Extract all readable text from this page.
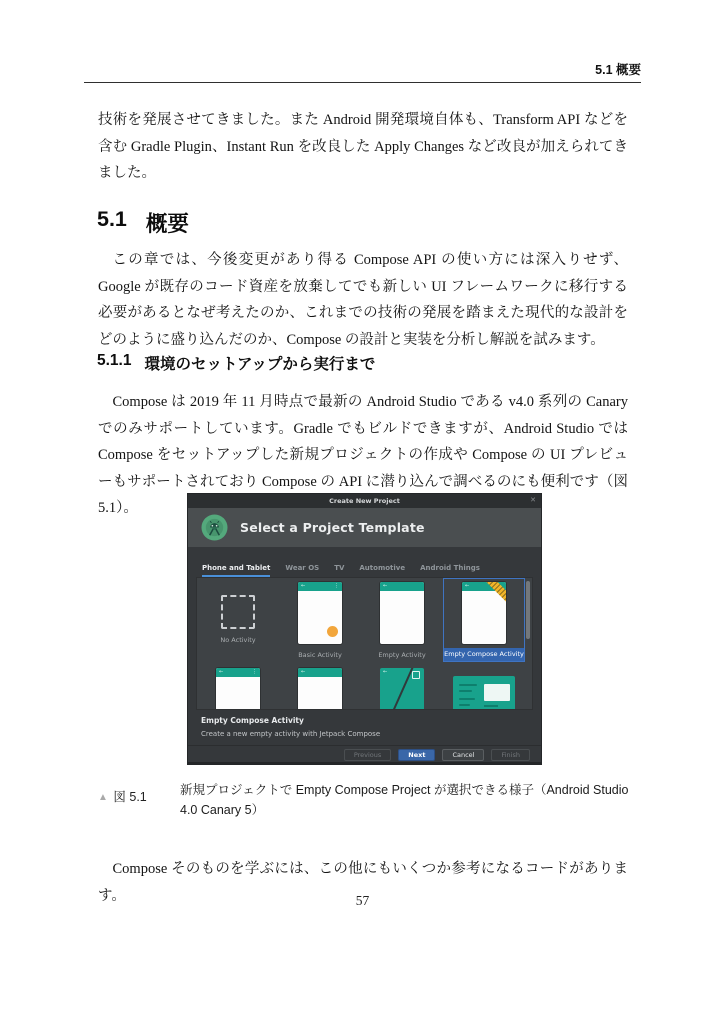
5.1 概要

技術を発展させてきました。また Android 開発環境自体も、Transform API などを含む Gradle Plugin、Instant Run を改良した Apply Changes など改良が加えられてきました。

5.1 概要

この章では、今後変更があり得る Compose API の使い方には深入りせず、Google が既存のコード資産を放棄してでも新しい UI フレームワークに移行する必要があるとなぜ考えたのか、これまでの技術の発展を踏まえた現代的な設計をどのように盛り込んだのか、Compose の設計と実装を分析し解説を試みます。

5.1.1 環境のセットアップから実行まで

Compose は 2019 年 11 月時点で最新の Android Studio である v4.0 系列の Canary でのみサポートしています。Gradle でもビルドできますが、Android Studio では Compose をセットアップした新規プロジェクトの作成や Compose の UI プレビューもサポートされており Compose の API に潜り込んで調べるのにも便利です（図 5.1）。	Create New Project	✕
Select a Project Template
Phone and Tablet Wear OS TV Automotive Android Things
No Activity
←	⋮
Basic Activity
←
Empty Activity
←
Empty Compose Activity
←	⋮	←	←
Empty Compose Activity
Create a new empty activity with Jetpack Compose
Previous	Next	Cancel	Finish
▲ 図 5.1	新規プロジェクトで Empty Compose Project が選択できる様子（Android Studio 4.0 Canary 5）

Compose そのものを学ぶには、この他にもいくつか参考になるコードがあります。	57
